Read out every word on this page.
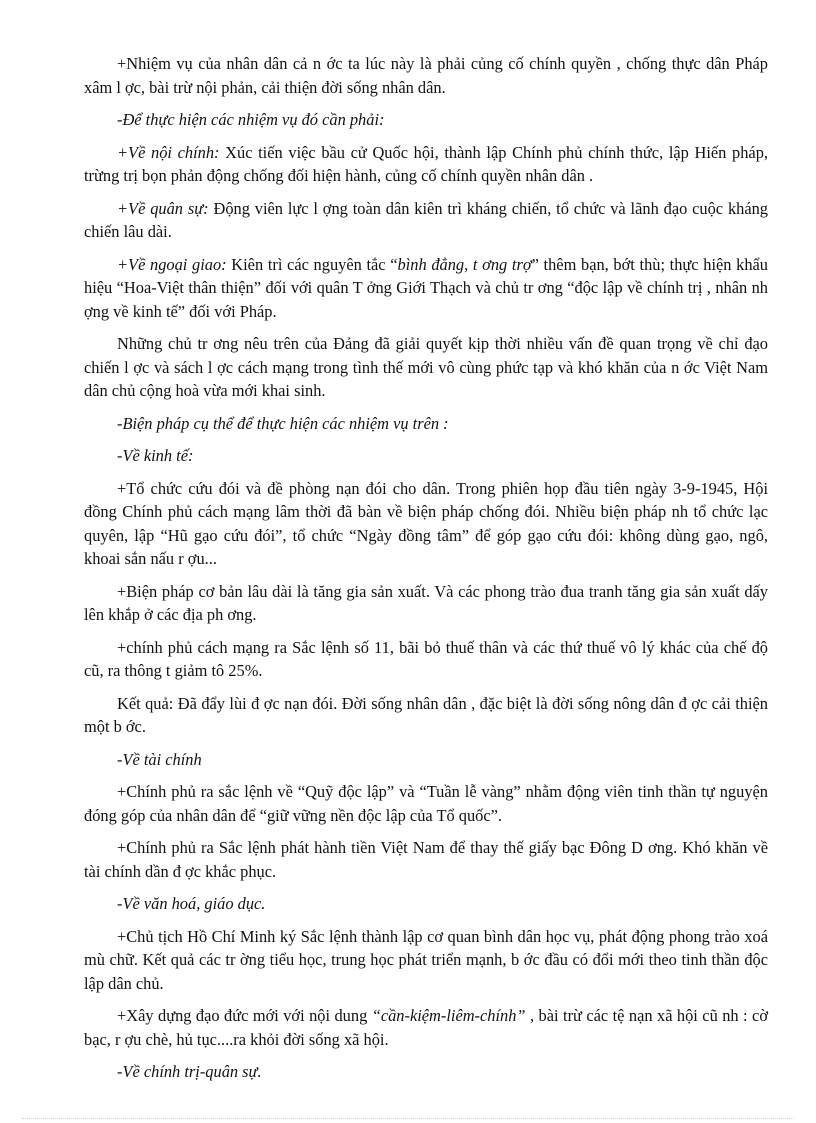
+Nhiệm vụ của nhân dân cả n ớc ta lúc này là phải củng cố chính quyền , chống thực dân Pháp xâm l ợc, bài trừ nội phản, cải thiện đời sống nhân dân.

-Để thực hiện các nhiệm vụ đó cần phải:

+Về nội chính: Xúc tiến việc bầu cử Quốc hội, thành lập Chính phủ chính thức, lập Hiến pháp, trừng trị bọn phản động chống đối hiện hành, củng cố chính quyền nhân dân .

+Về quân sự: Động viên lực l ợng toàn dân kiên trì kháng chiến, tổ chức và lãnh đạo cuộc kháng chiến lâu dài.

+Về ngoại giao: Kiên trì các nguyên tắc “bình đẳng, t ơng trợ” thêm bạn, bớt thù; thực hiện khẩu hiệu “Hoa-Việt thân thiện” đối với quân T ởng Giới Thạch và chủ tr ơng “độc lập về chính trị , nhân nh ợng về kinh tế” đối với Pháp.

Những chủ tr ơng nêu trên của Đảng đã giải quyết kịp thời nhiều vấn đề quan trọng về chỉ đạo chiến l ợc và sách l ợc cách mạng trong tình thế mới vô cùng phức tạp và khó khăn của n ớc Việt Nam dân chủ cộng hoà vừa mới khai sinh.

-Biện pháp cụ thể để thực hiện các nhiệm vụ trên :

-Về kinh tế:

+Tổ chức cứu đói và đề phòng nạn đói cho dân. Trong phiên họp đầu tiên ngày 3-9-1945, Hội đồng Chính phủ cách mạng lâm thời đã bàn về biện pháp chống đói. Nhiều biện pháp nh tổ chức lạc quyên, lập “Hũ gạo cứu đói”, tổ chức “Ngày đồng tâm” để góp gạo cứu đói: không dùng gạo, ngô, khoai sắn nấu r ợu...

+Biện pháp cơ bản lâu dài là tăng gia sản xuất. Và các phong trào đua tranh tăng gia sản xuất dấy lên khắp ở các địa ph ơng.

+chính phủ cách mạng ra Sắc lệnh số 11, bãi bỏ thuế thân và các thứ thuế vô lý khác của chế độ cũ, ra thông t giảm tô 25%.

Kết quả: Đã đẩy lùi đ ợc nạn đói. Đời sống nhân dân , đặc biệt là đời sống nông dân đ ợc cải thiện một b ớc.

-Về tài chính

+Chính phủ ra sắc lệnh về “Quỹ độc lập” và “Tuần lễ vàng” nhằm động viên tinh thần tự nguyện đóng góp của nhân dân để “giữ vững nền độc lập của Tổ quốc”.

+Chính phủ ra Sắc lệnh phát hành tiền Việt Nam để thay thế giấy bạc Đông D ơng. Khó khăn về tài chính dần đ ợc khắc phục.

-Về văn hoá, giáo dục.

+Chủ tịch Hồ Chí Minh ký Sắc lệnh thành lập cơ quan bình dân học vụ, phát động phong trào xoá mù chữ. Kết quả các tr ờng tiểu học, trung học phát triển mạnh, b ớc đầu có đổi mới theo tinh thần độc lập dân chủ.

+Xây dựng đạo đức mới với nội dung “cần-kiệm-liêm-chính” , bài trừ các tệ nạn xã hội cũ nh : cờ bạc, r ợu chè, hủ tục....ra khỏi đời sống xã hội.

-Về chính trị-quân sự.
